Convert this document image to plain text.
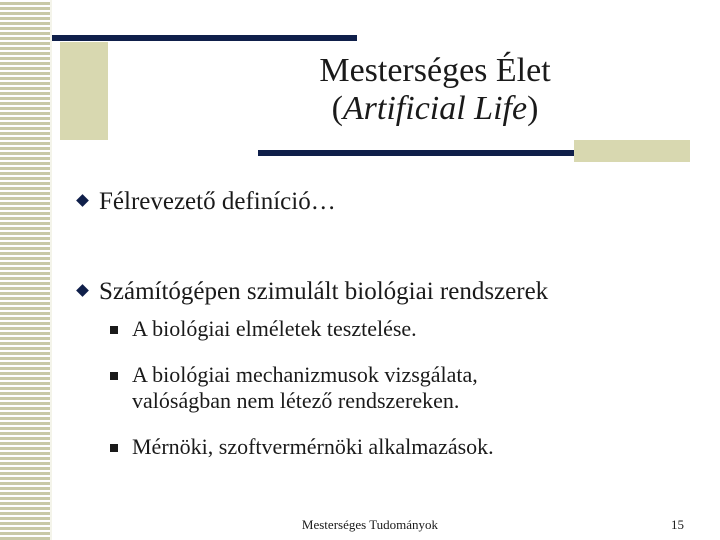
Mesterséges Élet
(Artificial Life)
Félrevezető definíció…
Számítógépen szimulált biológiai rendszerek
A biológiai elméletek tesztelése.
A biológiai mechanizmusok vizsgálata, valóságban nem létező rendszereken.
Mérnöki, szoftvermérnöki alkalmazások.
Mesterséges Tudományok	15
